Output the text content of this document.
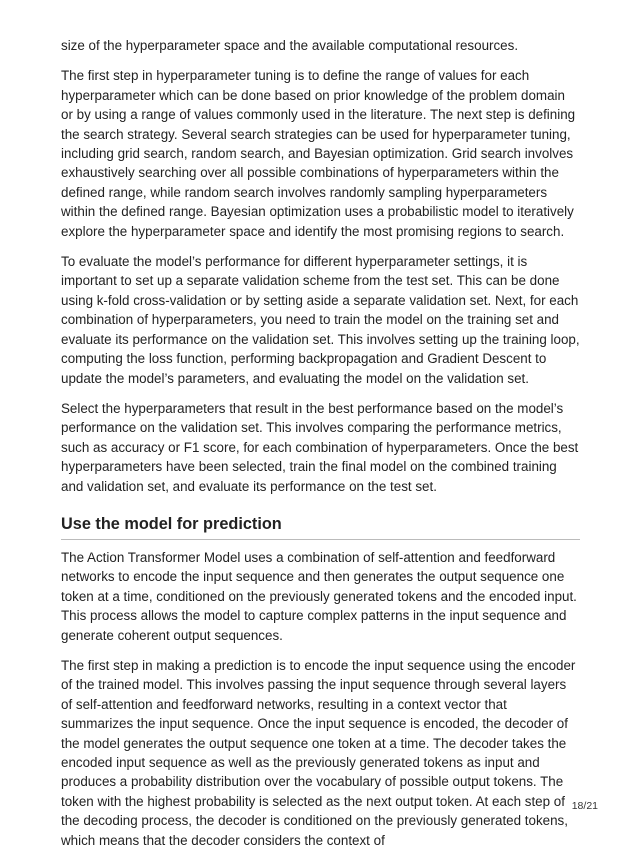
size of the hyperparameter space and the available computational resources.

The first step in hyperparameter tuning is to define the range of values for each hyperparameter which can be done based on prior knowledge of the problem domain or by using a range of values commonly used in the literature. The next step is defining the search strategy. Several search strategies can be used for hyperparameter tuning, including grid search, random search, and Bayesian optimization. Grid search involves exhaustively searching over all possible combinations of hyperparameters within the defined range, while random search involves randomly sampling hyperparameters within the defined range. Bayesian optimization uses a probabilistic model to iteratively explore the hyperparameter space and identify the most promising regions to search.

To evaluate the model’s performance for different hyperparameter settings, it is important to set up a separate validation scheme from the test set. This can be done using k-fold cross-validation or by setting aside a separate validation set. Next, for each combination of hyperparameters, you need to train the model on the training set and evaluate its performance on the validation set. This involves setting up the training loop, computing the loss function, performing backpropagation and Gradient Descent to update the model’s parameters, and evaluating the model on the validation set.

Select the hyperparameters that result in the best performance based on the model’s performance on the validation set. This involves comparing the performance metrics, such as accuracy or F1 score, for each combination of hyperparameters. Once the best hyperparameters have been selected, train the final model on the combined training and validation set, and evaluate its performance on the test set.

Use the model for prediction

The Action Transformer Model uses a combination of self-attention and feedforward networks to encode the input sequence and then generates the output sequence one token at a time, conditioned on the previously generated tokens and the encoded input. This process allows the model to capture complex patterns in the input sequence and generate coherent output sequences.

The first step in making a prediction is to encode the input sequence using the encoder of the trained model. This involves passing the input sequence through several layers of self-attention and feedforward networks, resulting in a context vector that summarizes the input sequence. Once the input sequence is encoded, the decoder of the model generates the output sequence one token at a time. The decoder takes the encoded input sequence as well as the previously generated tokens as input and produces a probability distribution over the vocabulary of possible output tokens. The token with the highest probability is selected as the next output token. At each step of the decoding process, the decoder is conditioned on the previously generated tokens, which means that the decoder considers the context of

18/21
